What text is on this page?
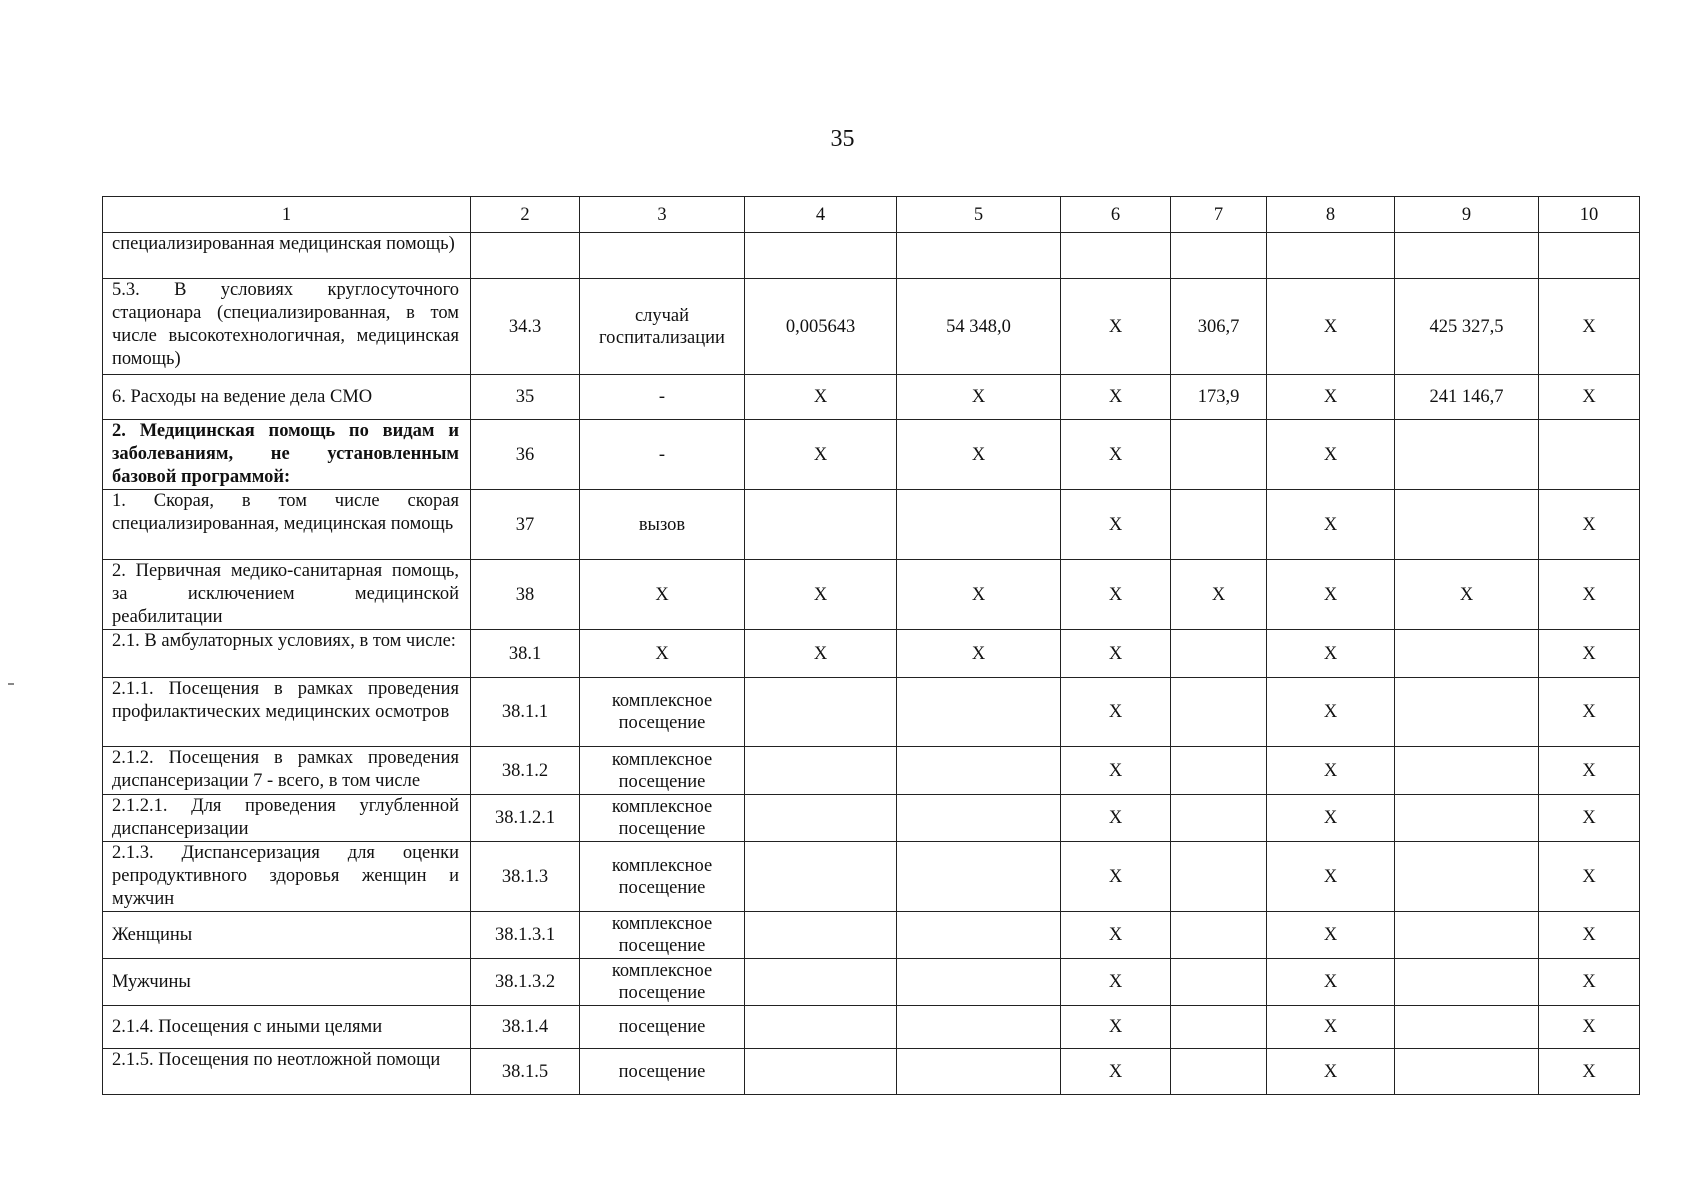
35
1	2	3	4	5	6	7	8	9	10
специализированная медицинская помощь)									
5.3. В условиях круглосуточного стационара (специализированная, в том числе высокотехнологичная, медицинская помощь)	34.3	случай госпитализации	0,005643	54 348,0	X	306,7	X	425 327,5	X
6. Расходы на ведение дела СМО	35	-	X	X	X	173,9	X	241 146,7	X
2. Медицинская помощь по видам и заболеваниям, не установленным базовой программой:	36	-	X	X	X		X		
1. Скорая, в том числе скорая специализированная, медицинская помощь	37	вызов			X		X		X
2. Первичная медико-санитарная помощь, за исключением медицинской реабилитации	38	X	X	X	X	X	X	X	X
2.1. В амбулаторных условиях, в том числе:	38.1	X	X	X	X		X		X
2.1.1. Посещения в рамках проведения профилактических медицинских осмотров	38.1.1	комплексное посещение			X		X		X
2.1.2. Посещения в рамках проведения диспансеризации 7 - всего, в том числе	38.1.2	комплексное посещение			X		X		X
2.1.2.1. Для проведения углубленной диспансеризации	38.1.2.1	комплексное посещение			X		X		X
2.1.3. Диспансеризация для оценки репродуктивного здоровья женщин и мужчин	38.1.3	комплексное посещение			X		X		X
Женщины	38.1.3.1	комплексное посещение			X		X		X
Мужчины	38.1.3.2	комплексное посещение			X		X		X
2.1.4. Посещения с иными целями	38.1.4	посещение			X		X		X
2.1.5. Посещения по неотложной помощи	38.1.5	посещение			X		X		X
